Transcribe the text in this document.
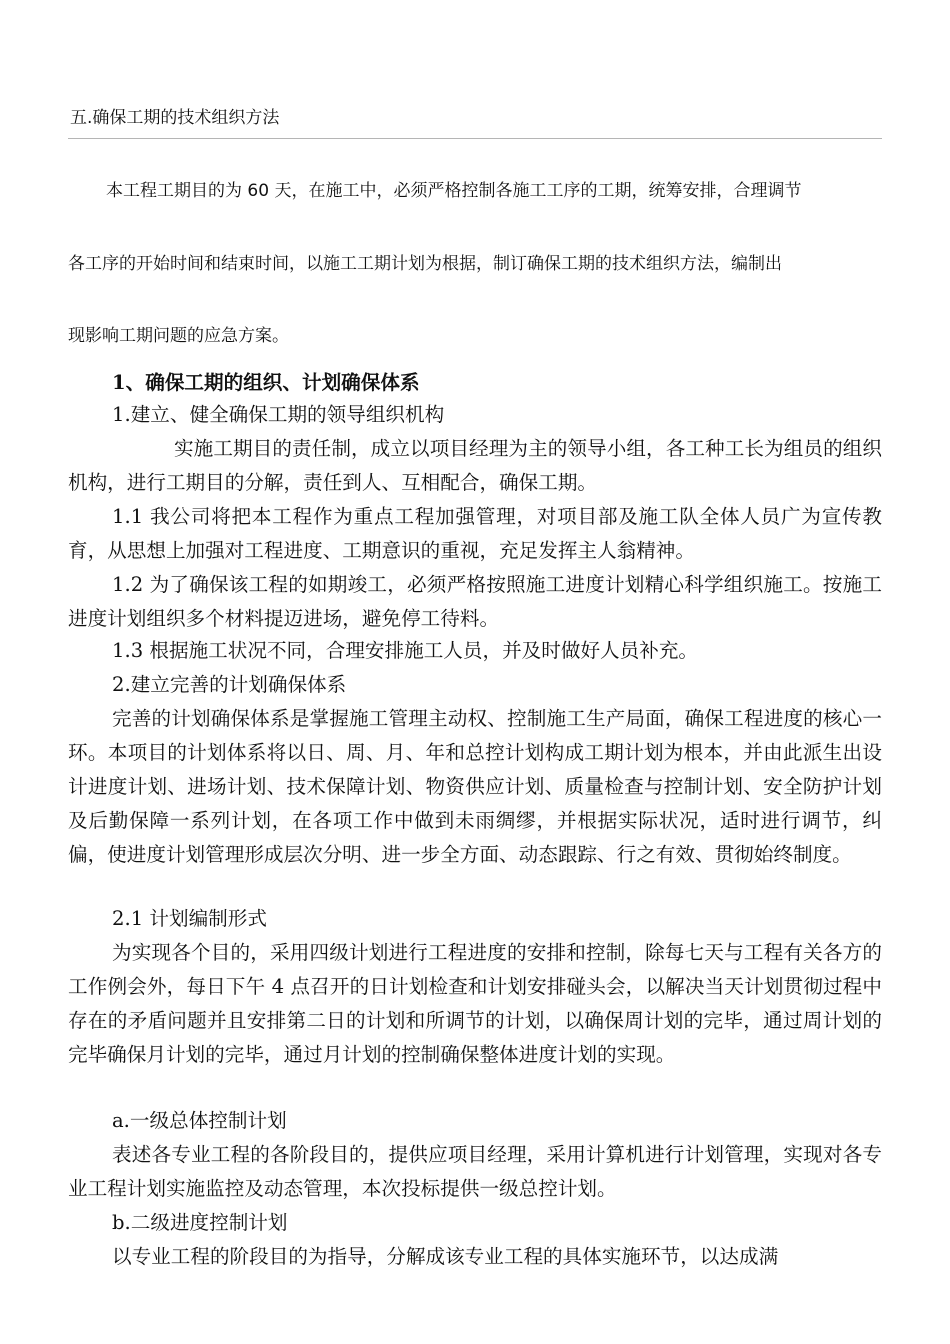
五.确保工期的技术组织方法
本工程工期目的为 60 天，在施工中，必须严格控制各施工工序的工期，统筹安排，合理调节
各工序的开始时间和结束时间，以施工工期计划为根据，制订确保工期的技术组织方法，编制出
现影响工期问题的应急方案。

1、确保工期的组织、计划确保体系

1.建立、健全确保工期的领导组织机构

实施工期目的责任制，成立以项目经理为主的领导小组，各工种工长为组员的组织机构，进行工期目的分解，责任到人、互相配合，确保工期。

1.1 我公司将把本工程作为重点工程加强管理，对项目部及施工队全体人员广为宣传教育，从思想上加强对工程进度、工期意识的重视，充足发挥主人翁精神。

1.2 为了确保该工程的如期竣工，必须严格按照施工进度计划精心科学组织施工。按施工进度计划组织多个材料提迈进场，避免停工待料。

1.3 根据施工状况不同，合理安排施工人员，并及时做好人员补充。

2.建立完善的计划确保体系

完善的计划确保体系是掌握施工管理主动权、控制施工生产局面，确保工程进度的核心一环。本项目的计划体系将以日、周、月、年和总控计划构成工期计划为根本，并由此派生出设计进度计划、进场计划、技术保障计划、物资供应计划、质量检查与控制计划、安全防护计划及后勤保障一系列计划，在各项工作中做到未雨绸缪，并根据实际状况，适时进行调节，纠偏，使进度计划管理形成层次分明、进一步全方面、动态跟踪、行之有效、贯彻始终制度。

2.1 计划编制形式

为实现各个目的，采用四级计划进行工程进度的安排和控制，除每七天与工程有关各方的工作例会外，每日下午 4 点召开的日计划检查和计划安排碰头会，以解决当天计划贯彻过程中存在的矛盾问题并且安排第二日的计划和所调节的计划，以确保周计划的完毕，通过周计划的完毕确保月计划的完毕，通过月计划的控制确保整体进度计划的实现。

a.一级总体控制计划

表述各专业工程的各阶段目的，提供应项目经理，采用计算机进行计划管理，实现对各专业工程计划实施监控及动态管理，本次投标提供一级总控计划。

b.二级进度控制计划

以专业工程的阶段目的为指导，分解成该专业工程的具体实施环节，以达成满
